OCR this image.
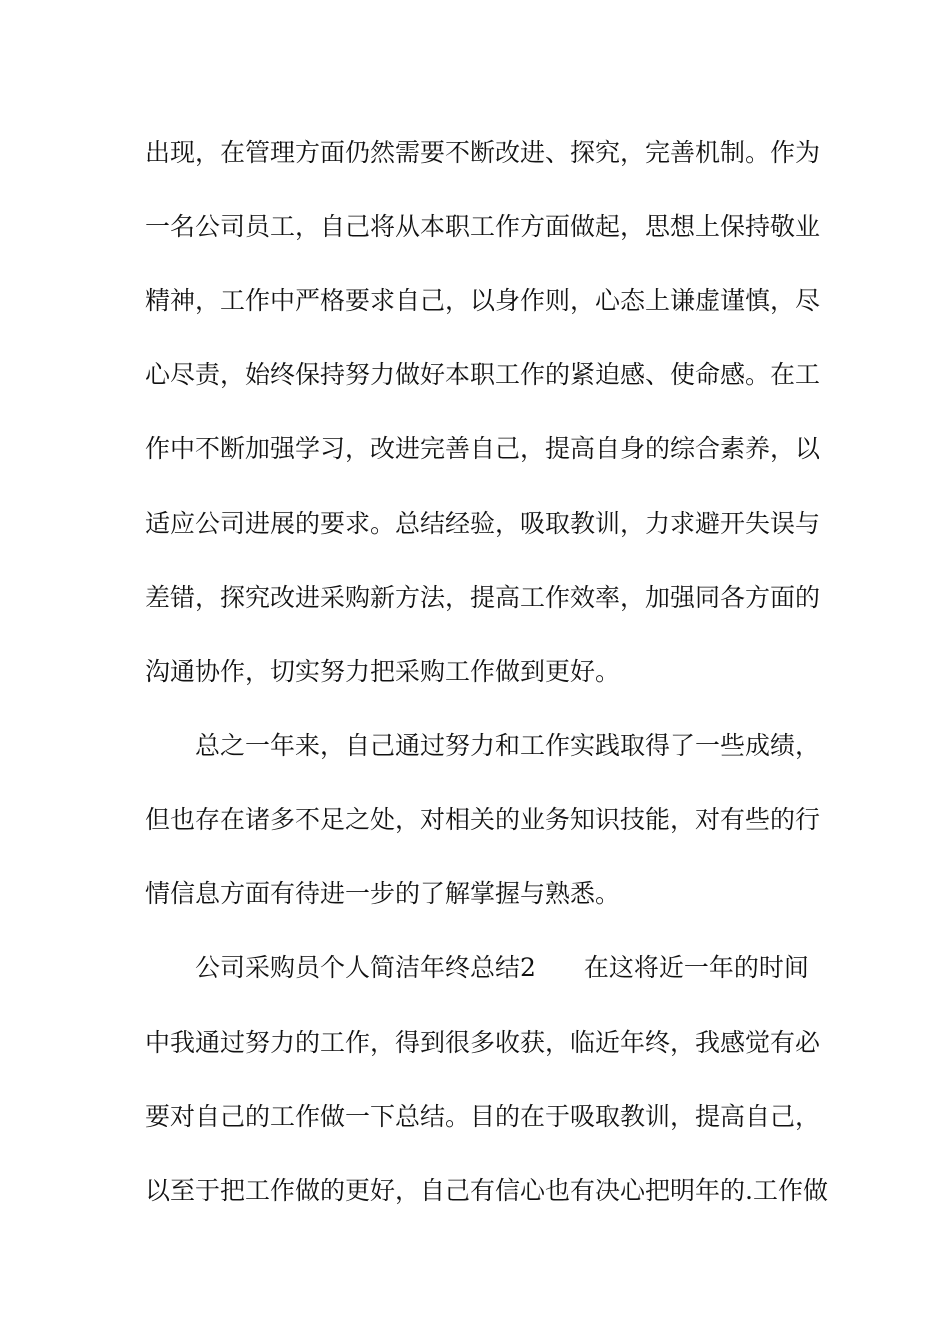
出现，在管理方面仍然需要不断改进、探究，完善机制。作为
一名公司员工，自己将从本职工作方面做起，思想上保持敬业
精神，工作中严格要求自己，以身作则，心态上谦虚谨慎，尽
心尽责，始终保持努力做好本职工作的紧迫感、使命感。在工
作中不断加强学习，改进完善自己，提高自身的综合素养，以
适应公司进展的要求。总结经验，吸取教训，力求避开失误与
差错，探究改进采购新方法，提高工作效率，加强同各方面的
沟通协作，切实努力把采购工作做到更好。
总之一年来，自己通过努力和工作实践取得了一些成绩，
但也存在诸多不足之处，对相关的业务知识技能，对有些的行
情信息方面有待进一步的了解掌握与熟悉。
公司采购员个人简洁年终总结2 在这将近一年的时间
中我通过努力的工作，得到很多收获，临近年终，我感觉有必
要对自己的工作做一下总结。目的在于吸取教训，提高自己，
以至于把工作做的更好，自己有信心也有决心把明年的.工作做
